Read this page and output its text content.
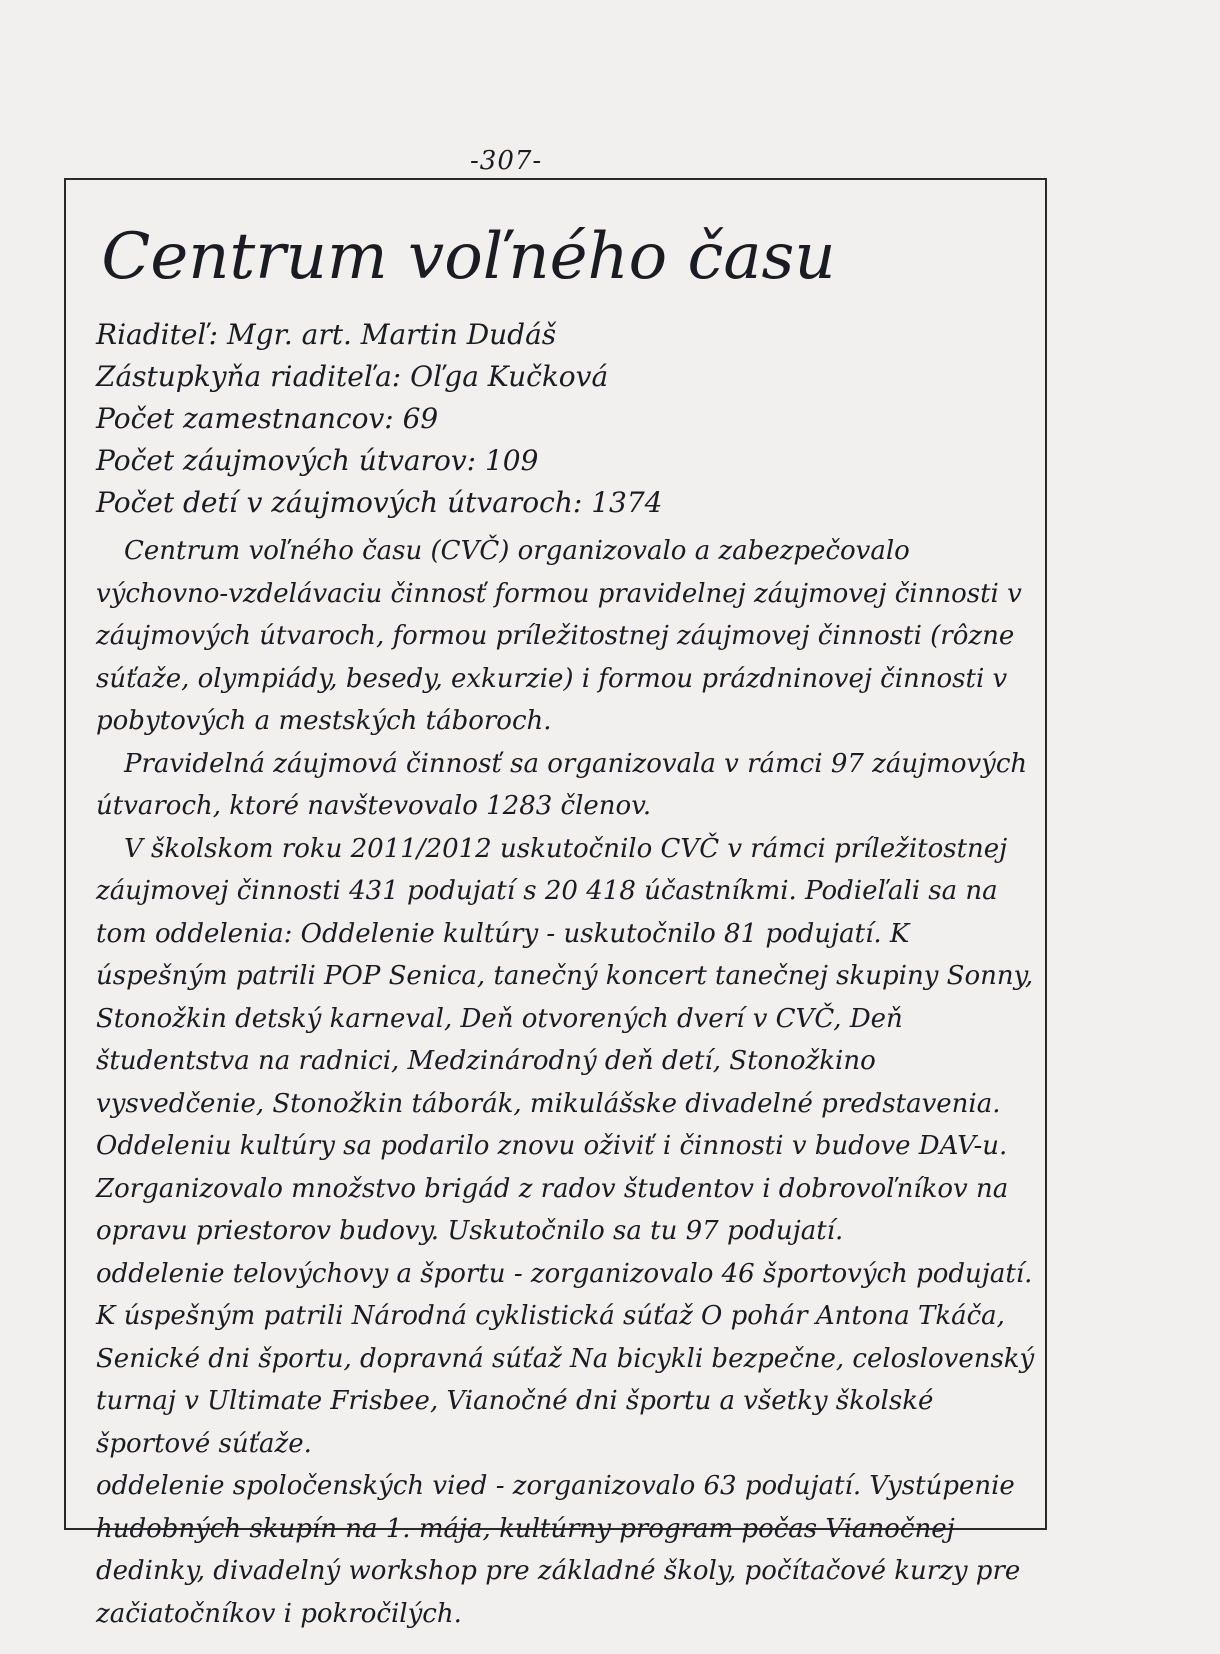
-307-
Centrum voľného času
Riaditeľ: Mgr. art. Martin Dudáš
Zástupkyňa riaditeľa: Oľga Kučková
Počet zamestnancov: 69
Počet záujmových útvarov: 109
Počet detí v záujmových útvaroch: 1374

Centrum voľného času (CVČ) organizovalo a zabezpečovalo výchovno-vzdelávaciu činnosť formou pravidelnej záujmovej činnosti v záujmových útvaroch, formou príležitostnej záujmovej činnosti (rôzne súťaže, olympiády, besedy, exkurzie) i formou prázdninovej činnosti v pobytových a mestských táboroch.

Pravidelná záujmová činnosť sa organizovala v rámci 97 záujmových útvaroch, ktoré navštevovalo 1283 členov.

V školskom roku 2011/2012 uskutočnilo CVČ v rámci príležitostnej záujmovej činnosti 431 podujatí s 20 418 účastníkmi. Podieľali sa na tom oddelenia: Oddelenie kultúry - uskutočnilo 81 podujatí. K úspešným patrili POP Senica, tanečný koncert tanečnej skupiny Sonny, Stonožkin detský karneval, Deň otvorených dverí v CVČ, Deň študentstva na radnici, Medzinárodný deň detí, Stonožkino vysvedčenie, Stonožkin táborák, mikulášske divadelné predstavenia. Oddeleniu kultúry sa podarilo znovu oživiť i činnosti v budove DAV-u. Zorganizovalo množstvo brigád z radov študentov i dobrovoľníkov na opravu priestorov budovy. Uskutočnilo sa tu 97 podujatí.

oddelenie telovýchovy a športu - zorganizovalo 46 športových podujatí.

K úspešným patrili Národná cyklistická súťaž O pohár Antona Tkáča, Senické dni športu, dopravná súťaž Na bicykli bezpečne, celoslovenský turnaj v Ultimate Frisbee, Vianočné dni športu a všetky školské športové súťaže.

oddelenie spoločenských vied - zorganizovalo 63 podujatí. Vystúpenie hudobných skupín na 1. mája, kultúrny program počas Vianočnej dedinky, divadelný workshop pre základné školy, počítačové kurzy pre začiatočníkov i pokročilých.
